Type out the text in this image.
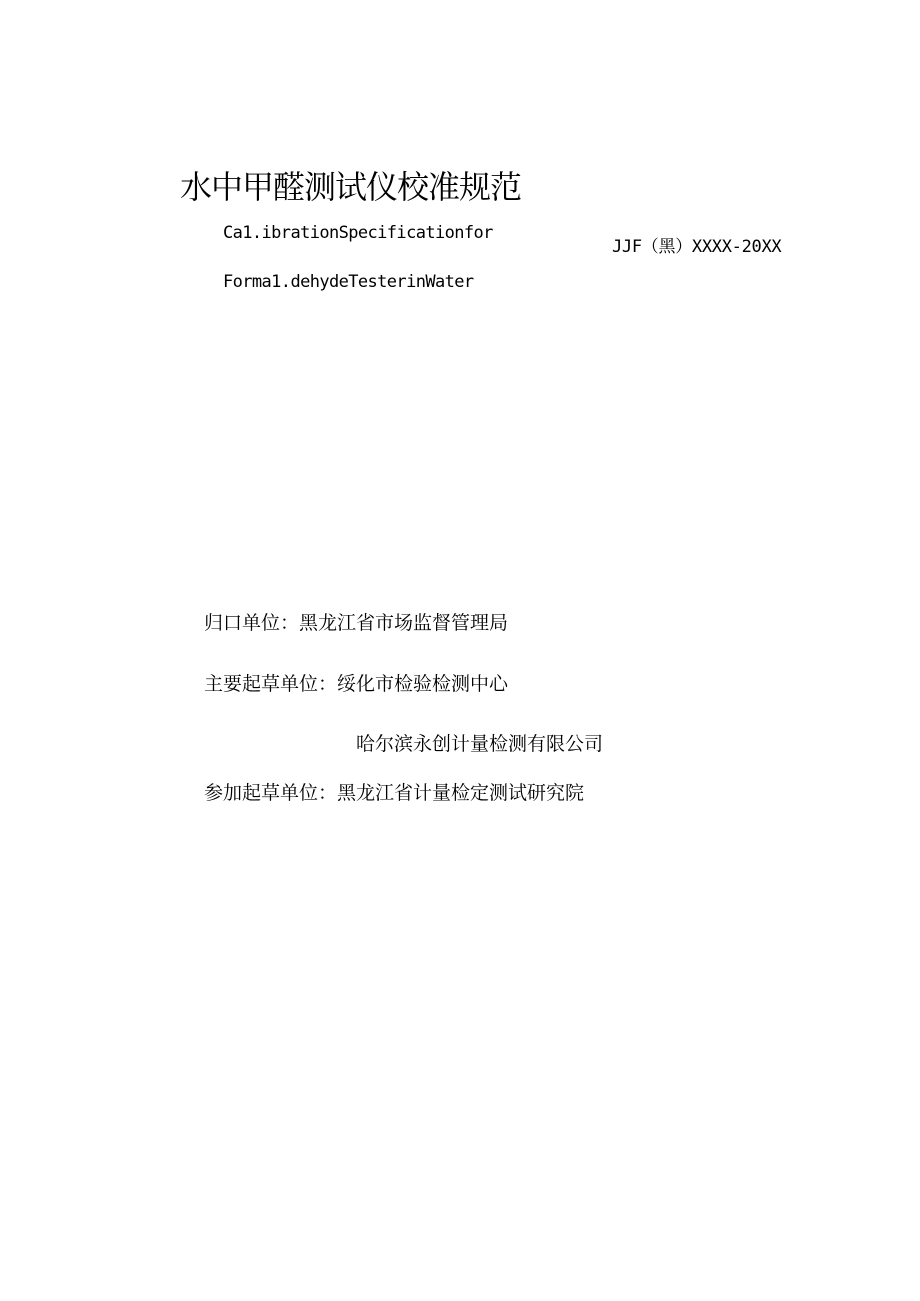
水中甲醛测试仪校准规范
Ca1.ibrationSpecificationfor
Forma1.dehydeTesterinWater
JJF（黑）XXXX-20XX
归口单位：黑龙江省市场监督管理局
主要起草单位：绥化市检验检测中心
哈尔滨永创计量检测有限公司
参加起草单位：黑龙江省计量检定测试研究院
